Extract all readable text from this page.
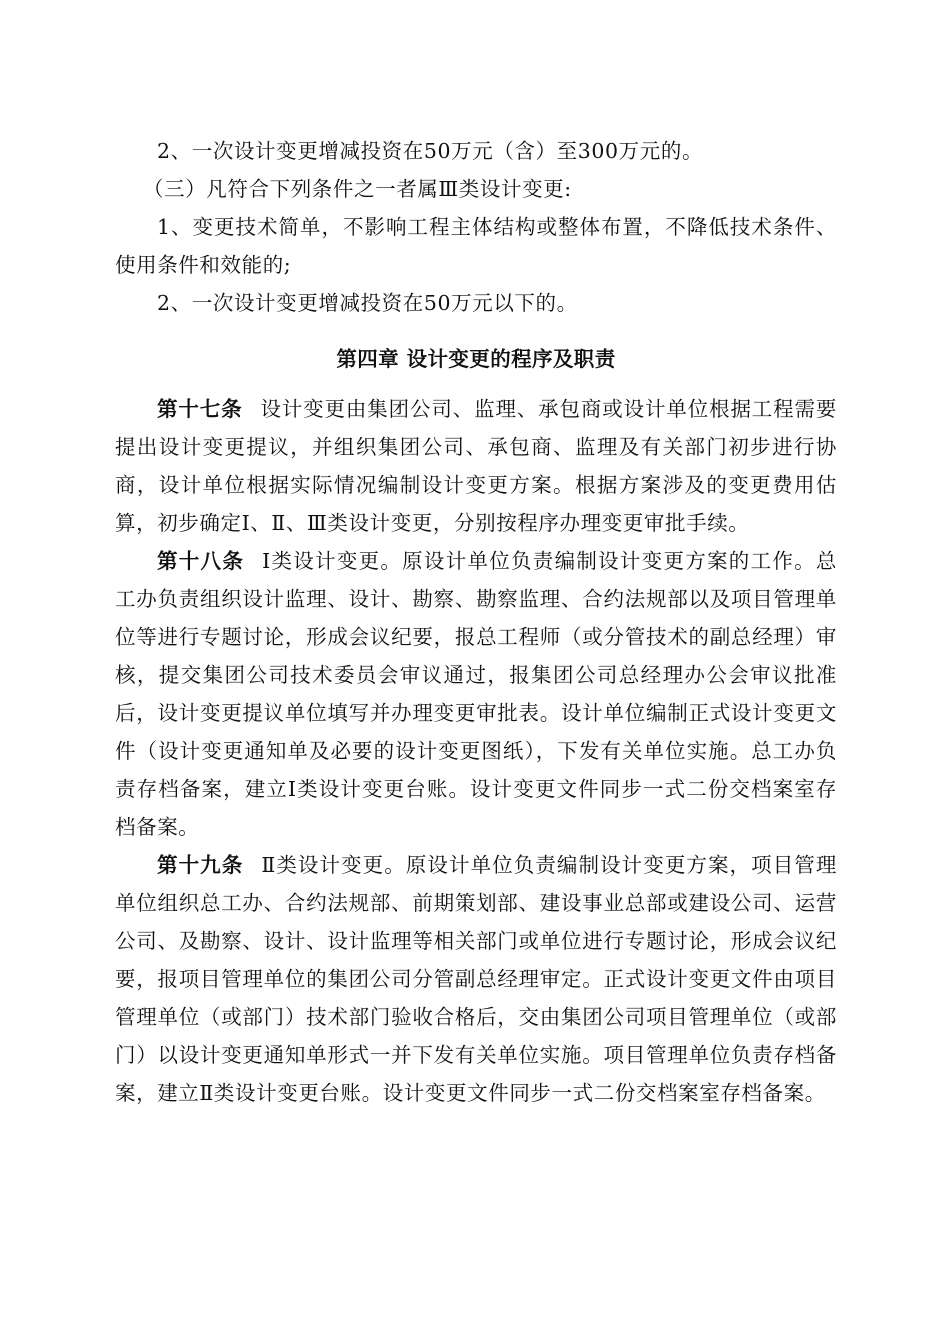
2、一次设计变更增减投资在50万元（含）至300万元的。

（三）凡符合下列条件之一者属Ⅲ类设计变更:

1、变更技术简单，不影响工程主体结构或整体布置，不降低技术条件、使用条件和效能的;

2、一次设计变更增减投资在50万元以下的。

第四章 设计变更的程序及职责

第十七条 设计变更由集团公司、监理、承包商或设计单位根据工程需要提出设计变更提议，并组织集团公司、承包商、监理及有关部门初步进行协商，设计单位根据实际情况编制设计变更方案。根据方案涉及的变更费用估算，初步确定Ⅰ、Ⅱ、Ⅲ类设计变更，分别按程序办理变更审批手续。

第十八条 Ⅰ类设计变更。原设计单位负责编制设计变更方案的工作。总工办负责组织设计监理、设计、勘察、勘察监理、合约法规部以及项目管理单位等进行专题讨论，形成会议纪要，报总工程师（或分管技术的副总经理）审核，提交集团公司技术委员会审议通过，报集团公司总经理办公会审议批准后，设计变更提议单位填写并办理变更审批表。设计单位编制正式设计变更文件（设计变更通知单及必要的设计变更图纸），下发有关单位实施。总工办负责存档备案，建立Ⅰ类设计变更台账。设计变更文件同步一式二份交档案室存档备案。

第十九条 Ⅱ类设计变更。原设计单位负责编制设计变更方案，项目管理单位组织总工办、合约法规部、前期策划部、建设事业总部或建设公司、运营公司、及勘察、设计、设计监理等相关部门或单位进行专题讨论，形成会议纪要，报项目管理单位的集团公司分管副总经理审定。正式设计变更文件由项目管理单位（或部门）技术部门验收合格后，交由集团公司项目管理单位（或部门）以设计变更通知单形式一并下发有关单位实施。项目管理单位负责存档备案，建立Ⅱ类设计变更台账。设计变更文件同步一式二份交档案室存档备案。
